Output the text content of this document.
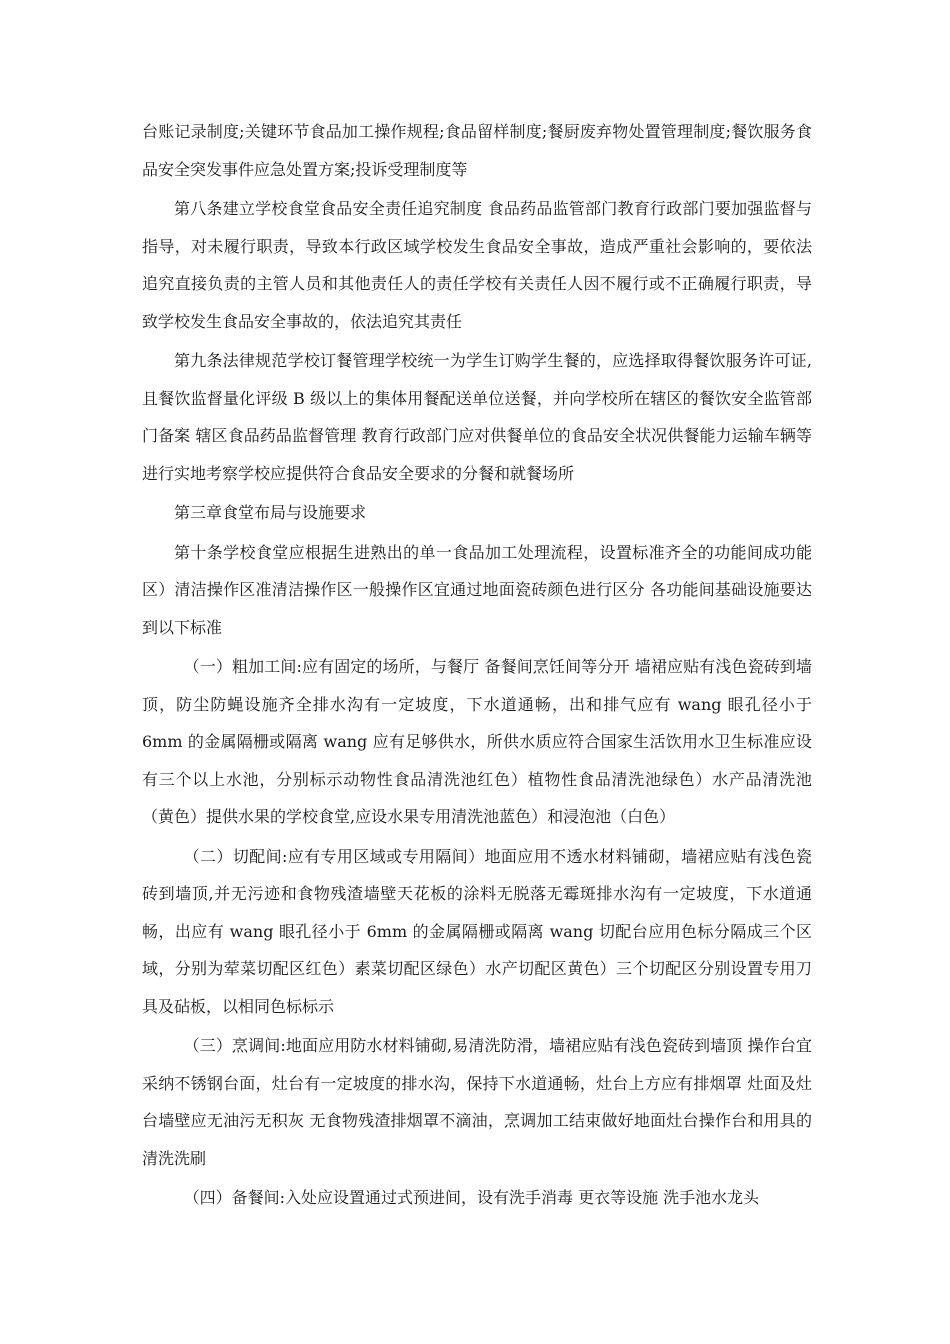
台账记录制度;关键环节食品加工操作规程;食品留样制度;餐厨废弃物处置管理制度;餐饮服务食品安全突发事件应急处置方案;投诉受理制度等

第八条建立学校食堂食品安全责任追究制度 食品药品监管部门教育行政部门要加强监督与指导，对未履行职责，导致本行政区域学校发生食品安全事故，造成严重社会影响的，要依法追究直接负责的主管人员和其他责任人的责任学校有关责任人因不履行或不正确履行职责，导致学校发生食品安全事故的，依法追究其责任

第九条法律规范学校订餐管理学校统一为学生订购学生餐的，应选择取得餐饮服务许可证,且餐饮监督量化评级 B 级以上的集体用餐配送单位送餐，并向学校所在辖区的餐饮安全监管部门备案 辖区食品药品监督管理 教育行政部门应对供餐单位的食品安全状况供餐能力运输车辆等进行实地考察学校应提供符合食品安全要求的分餐和就餐场所

第三章食堂布局与设施要求

第十条学校食堂应根据生进熟出的单一食品加工处理流程，设置标准齐全的功能间成功能区）清洁操作区准清洁操作区一般操作区宜通过地面瓷砖颜色进行区分 各功能间基础设施要达到以下标准

（一）粗加工间:应有固定的场所，与餐厅 备餐间烹饪间等分开 墙裙应贴有浅色瓷砖到墙顶，防尘防蝇设施齐全排水沟有一定坡度，下水道通畅，出和排气应有 wang 眼孔径小于 6mm 的金属隔栅或隔离 wang 应有足够供水，所供水质应符合国家生活饮用水卫生标准应设有三个以上水池，分别标示动物性食品清洗池红色）植物性食品清洗池绿色）水产品清洗池（黄色）提供水果的学校食堂,应设水果专用清洗池蓝色）和浸泡池（白色）

（二）切配间:应有专用区域或专用隔间）地面应用不透水材料铺砌，墙裙应贴有浅色瓷砖到墙顶,并无污迹和食物残渣墙壁天花板的涂料无脱落无霉斑排水沟有一定坡度，下水道通畅，出应有 wang 眼孔径小于 6mm 的金属隔栅或隔离 wang 切配台应用色标分隔成三个区域，分别为荤菜切配区红色）素菜切配区绿色）水产切配区黄色）三个切配区分别设置专用刀具及砧板，以相同色标标示

（三）烹调间:地面应用防水材料铺砌,易清洗防滑，墙裙应贴有浅色瓷砖到墙顶 操作台宜采纳不锈钢台面，灶台有一定坡度的排水沟，保持下水道通畅，灶台上方应有排烟罩 灶面及灶台墙壁应无油污无积灰 无食物残渣排烟罩不滴油，烹调加工结束做好地面灶台操作台和用具的清洗洗刷

（四）备餐间:入处应设置通过式预进间，设有洗手消毒 更衣等设施 洗手池水龙头
